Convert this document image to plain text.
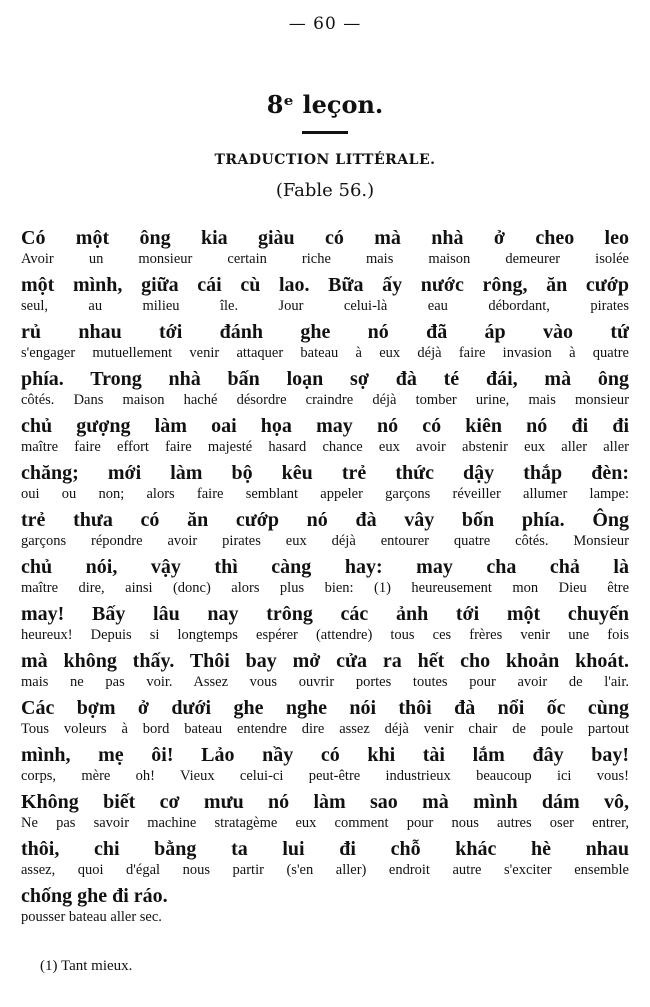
— 60 —
8ᵉ leçon.
TRADUCTION LITTÉRALE.
(Fable 56.)
Có một ông kia giàu có mà nhà ở cheo leo
Avoir un monsieur certain riche mais maison demeurer isolée
một mình, giữa cái cù lao. Bữa ấy nước rông, ăn cướp
seul, au milieu île. Jour celui-là eau débordant, pirates
rủ nhau tới đánh ghe nó đã áp vào tứ
s'engager mutuellement venir attaquer bateau à eux déjà faire invasion à quatre
phía. Trong nhà bấn loạn sợ đà té đái, mà ông
côtés. Dans maison haché désordre craindre déjà tomber urine, mais monsieur
chủ gượng làm oai họa may nó có kiên nó đi đi
maître faire effort faire majesté hasard chance eux avoir abstenir eux aller aller
chăng; mới làm bộ kêu trẻ thức dậy thắp đèn:
oui ou non; alors faire semblant appeler garçons réveiller allumer lampe:
trẻ thưa có ăn cướp nó đà vây bốn phía. Ông
garçons répondre avoir pirates eux déjà entourer quatre côtés. Monsieur
chủ nói, vậy thì càng hay: may cha chả là
maître dire, ainsi (donc) alors plus bien: (1) heureusement mon Dieu être
may! Bấy lâu nay trông các ảnh tới một chuyến
heureux! Depuis si longtemps espérer (attendre) tous ces frères venir une fois
mà không thấy. Thôi bay mở cửa ra hết cho khoản khoát.
mais ne pas voir. Assez vous ouvrir portes toutes pour avoir de l'air.
Các bợm ở dưới ghe nghe nói thôi đà nổi ốc cùng
Tous voleurs à bord bateau entendre dire assez déjà venir chair de poule partout
mình, mẹ ôi! Lảo nầy có khi tài lắm đây bay!
corps, mère oh! Vieux celui-ci peut-être industrieux beaucoup ici vous!
Không biết cơ mưu nó làm sao mà mình dám vô,
Ne pas savoir machine stratagème eux comment pour nous autres oser entrer,
thôi, chi bằng ta lui đi chỗ khác hè nhau
assez, quoi d'égal nous partir (s'en aller) endroit autre s'exciter ensemble
chống ghe đi ráo.
pousser bateau aller sec.
(1) Tant mieux.
